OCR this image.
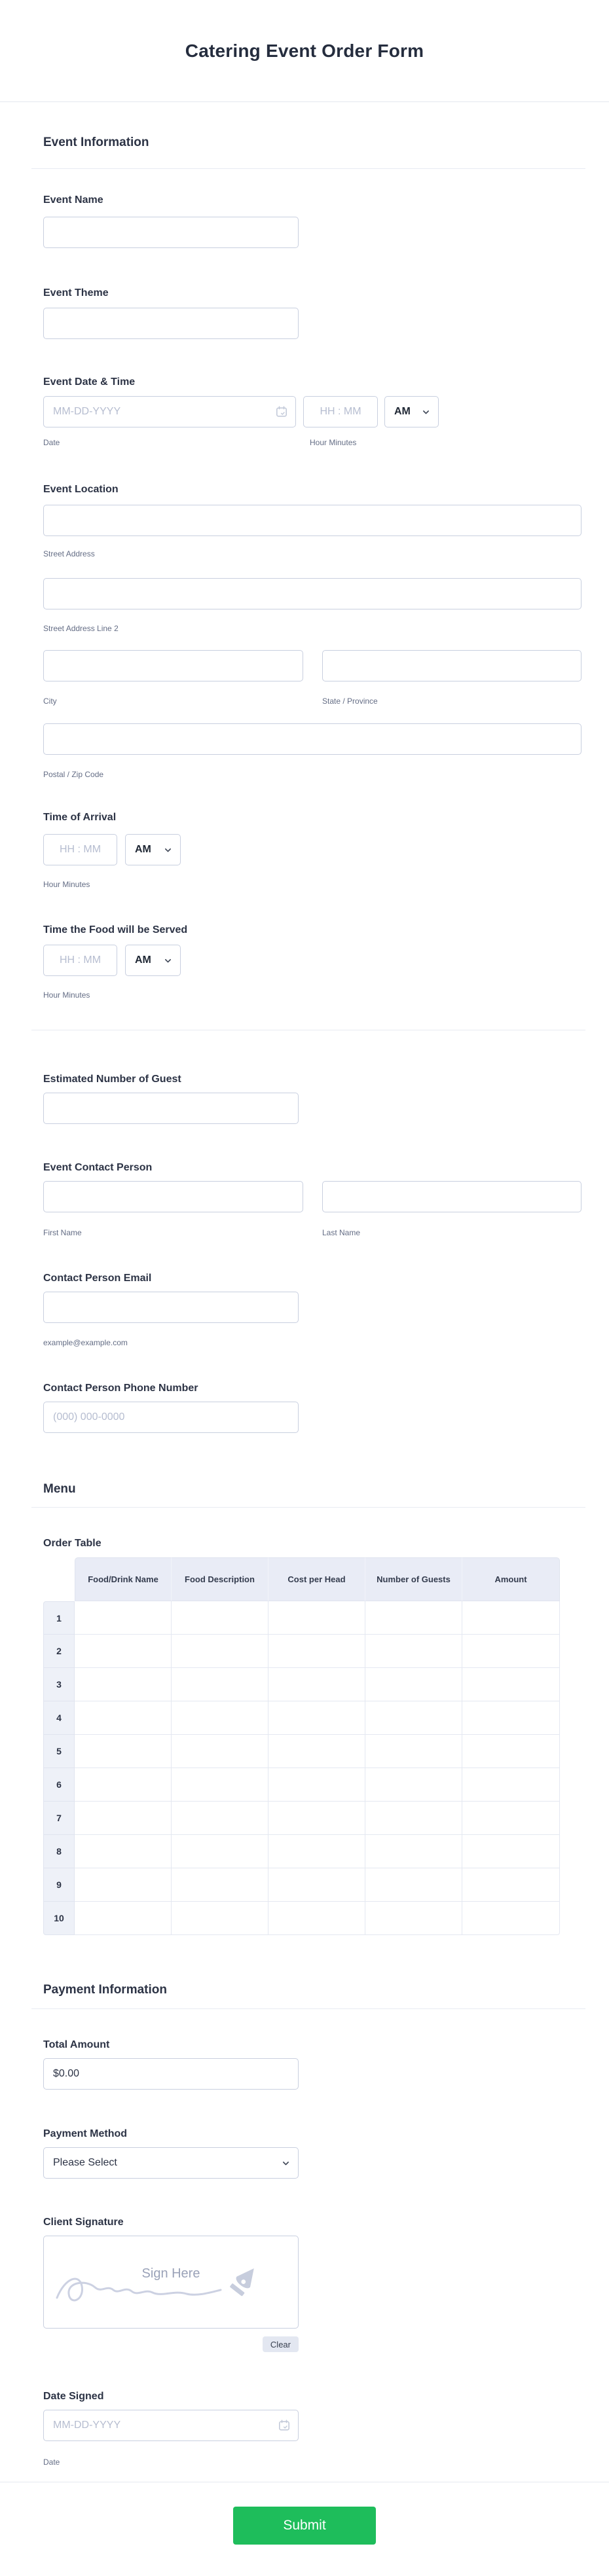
Catering Event Order Form
Event Information
Event Name
Event Theme
Event Date & Time
MM-DD-YYYY
HH : MM
AM
Date	Hour Minutes
Event Location
Street Address
Street Address Line 2
City	State / Province
Postal / Zip Code
Time of Arrival
HH : MM
AM
Hour Minutes
Time the Food will be Served
HH : MM
AM
Hour Minutes
Estimated Number of Guest
Event Contact Person
First Name	Last Name
Contact Person Email
example@example.com
Contact Person Phone Number
(000) 000-0000
Menu
Order Table
Food/Drink Name	Food Description	Cost per Head	Number of Guests	Amount
1
2
3
4
5
6
7
8
9
10
Payment Information
Total Amount
$0.00
Payment Method
Please Select
Client Signature
Sign Here
Clear
Date Signed
MM-DD-YYYY
Date
Submit
